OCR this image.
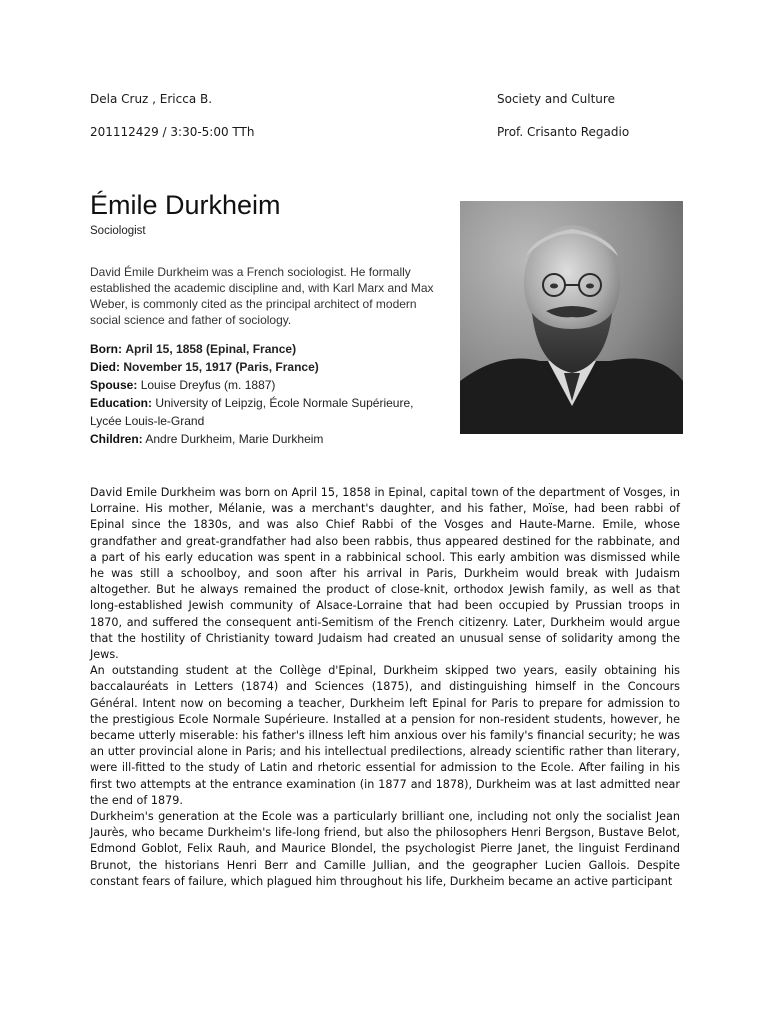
Dela Cruz , Ericca B.	Society and Culture
201112429 / 3:30-5:00 TTh	Prof. Crisanto Regadio
Émile Durkheim
Sociologist
David Émile Durkheim was a French sociologist. He formally established the academic discipline and, with Karl Marx and Max Weber, is commonly cited as the principal architect of modern social science and father of sociology.
Born: April 15, 1858 (Epinal, France)
Died: November 15, 1917 (Paris, France)
Spouse: Louise Dreyfus (m. 1887)
Education: University of Leipzig, École Normale Supérieure, Lycée Louis-le-Grand
Children: Andre Durkheim, Marie Durkheim

David Emile Durkheim was born on April 15, 1858 in Epinal, capital town of the department of Vosges, in Lorraine. His mother, Mélanie, was a merchant's daughter, and his father, Moïse, had been rabbi of Epinal since the 1830s, and was also Chief Rabbi of the Vosges and Haute-Marne. Emile, whose grandfather and great-grandfather had also been rabbis, thus appeared destined for the rabbinate, and a part of his early education was spent in a rabbinical school. This early ambition was dismissed while he was still a schoolboy, and soon after his arrival in Paris, Durkheim would break with Judaism altogether. But he always remained the product of close-knit, orthodox Jewish family, as well as that long-established Jewish community of Alsace-Lorraine that had been occupied by Prussian troops in 1870, and suffered the consequent anti-Semitism of the French citizenry. Later, Durkheim would argue that the hostility of Christianity toward Judaism had created an unusual sense of solidarity among the Jews.

An outstanding student at the Collège d'Epinal, Durkheim skipped two years, easily obtaining his baccalauréats in Letters (1874) and Sciences (1875), and distinguishing himself in the Concours Général. Intent now on becoming a teacher, Durkheim left Epinal for Paris to prepare for admission to the prestigious Ecole Normale Supérieure. Installed at a pension for non-resident students, however, he became utterly miserable: his father's illness left him anxious over his family's financial security; he was an utter provincial alone in Paris; and his intellectual predilections, already scientific rather than literary, were ill-fitted to the study of Latin and rhetoric essential for admission to the Ecole. After failing in his first two attempts at the entrance examination (in 1877 and 1878), Durkheim was at last admitted near the end of 1879.

Durkheim's generation at the Ecole was a particularly brilliant one, including not only the socialist Jean Jaurès, who became Durkheim's life-long friend, but also the philosophers Henri Bergson, Bustave Belot, Edmond Goblot, Felix Rauh, and Maurice Blondel, the psychologist Pierre Janet, the linguist Ferdinand Brunot, the historians Henri Berr and Camille Jullian, and the geographer Lucien Gallois. Despite constant fears of failure, which plagued him throughout his life, Durkheim became an active participant
